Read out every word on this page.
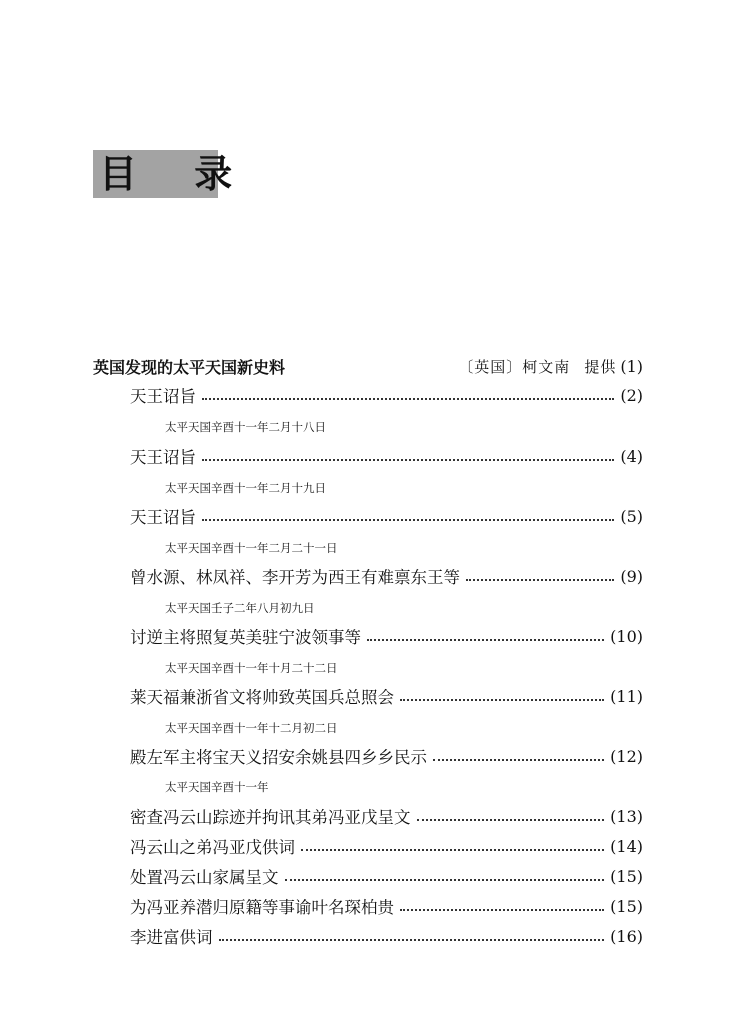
目 录
英国发现的太平天国新史料	〔英国〕柯文南 提供 (1)
天王诏旨	(2)
太平天国辛酉十一年二月十八日
天王诏旨	(4)
太平天国辛酉十一年二月十九日
天王诏旨	(5)
太平天国辛酉十一年二月二十一日
曾水源、林凤祥、李开芳为西王有难禀东王等	(9)
太平天国壬子二年八月初九日
讨逆主将照复英美驻宁波领事等	(10)
太平天国辛酉十一年十月二十二日
莱天福兼浙省文将帅致英国兵总照会	(11)
太平天国辛酉十一年十二月初二日
殿左军主将宝天义招安余姚县四乡乡民示	(12)
太平天国辛酉十一年
密查冯云山踪迹并拘讯其弟冯亚戊呈文	(13)
冯云山之弟冯亚戊供词	(14)
处置冯云山家属呈文	(15)
为冯亚养潜归原籍等事谕叶名琛柏贵	(15)
李进富供词	(16)
